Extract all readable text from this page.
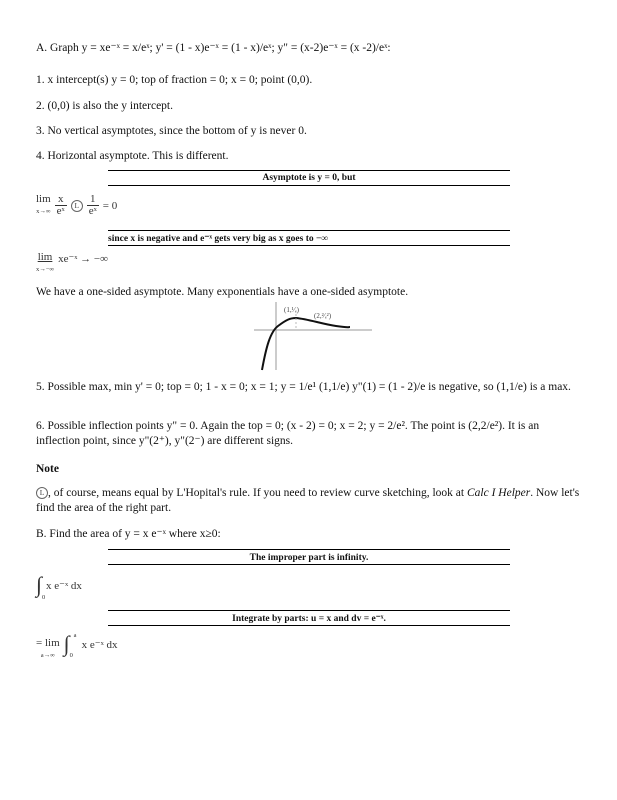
A. Graph y = xe⁻ˣ = x/eˣ; y' = (1 - x)e⁻ˣ = (1 - x)/eˣ; y" = (x-2)e⁻ˣ = (x -2)/eˣ:
1. x intercept(s) y = 0; top of fraction = 0; x = 0; point (0,0).
2. (0,0) is also the y intercept.
3. No vertical asymptotes, since the bottom of y is never 0.
4. Horizontal asymptote. This is different.
Asymptote is y = 0, but
lim
$x\to\infty \frac{x}{\text{eˣ}}$ L $\frac{1}{\text{eˣ}} = 0$
since x is negative and e⁻ˣ gets very big as x goes to −∞
lim
x→−∞ $^{xe^-ˣ \to -\infty}$
We have a one-sided asymptote. Many exponentials have a one-sided asymptote.
(1,¹⁄ₑ)
(2,²⁄ₑ²)
5. Possible max, min y' = 0; top = 0; 1 - x = 0; x = 1; y = 1/e¹ (1,1/e) y"(1) = (1 - 2)/e is negative, so (1,1/e) is a max.
6. Possible inflection points y" = 0. Again the top = 0; (x - 2) = 0; x = 2; y = 2/e². The point is (2,2/e²). It is an inflection point, since y"(2⁺), y"(2⁻) are different signs.
Note
L , of course, means equal by L'Hopital's rule. If you need to review curve sketching, look at Calc I Helper. Now let's find the area of the right part.
B. Find the area of y = x e⁻ˣ where x≥0:
The improper part is infinity.
∫
0
$^{x e^-ˣ dx}$
Integrate by parts: u = x and dv = e⁻ˣ.
= lim
a→∞ ∫ a
0
$^{x e^-ˣ dx}$
